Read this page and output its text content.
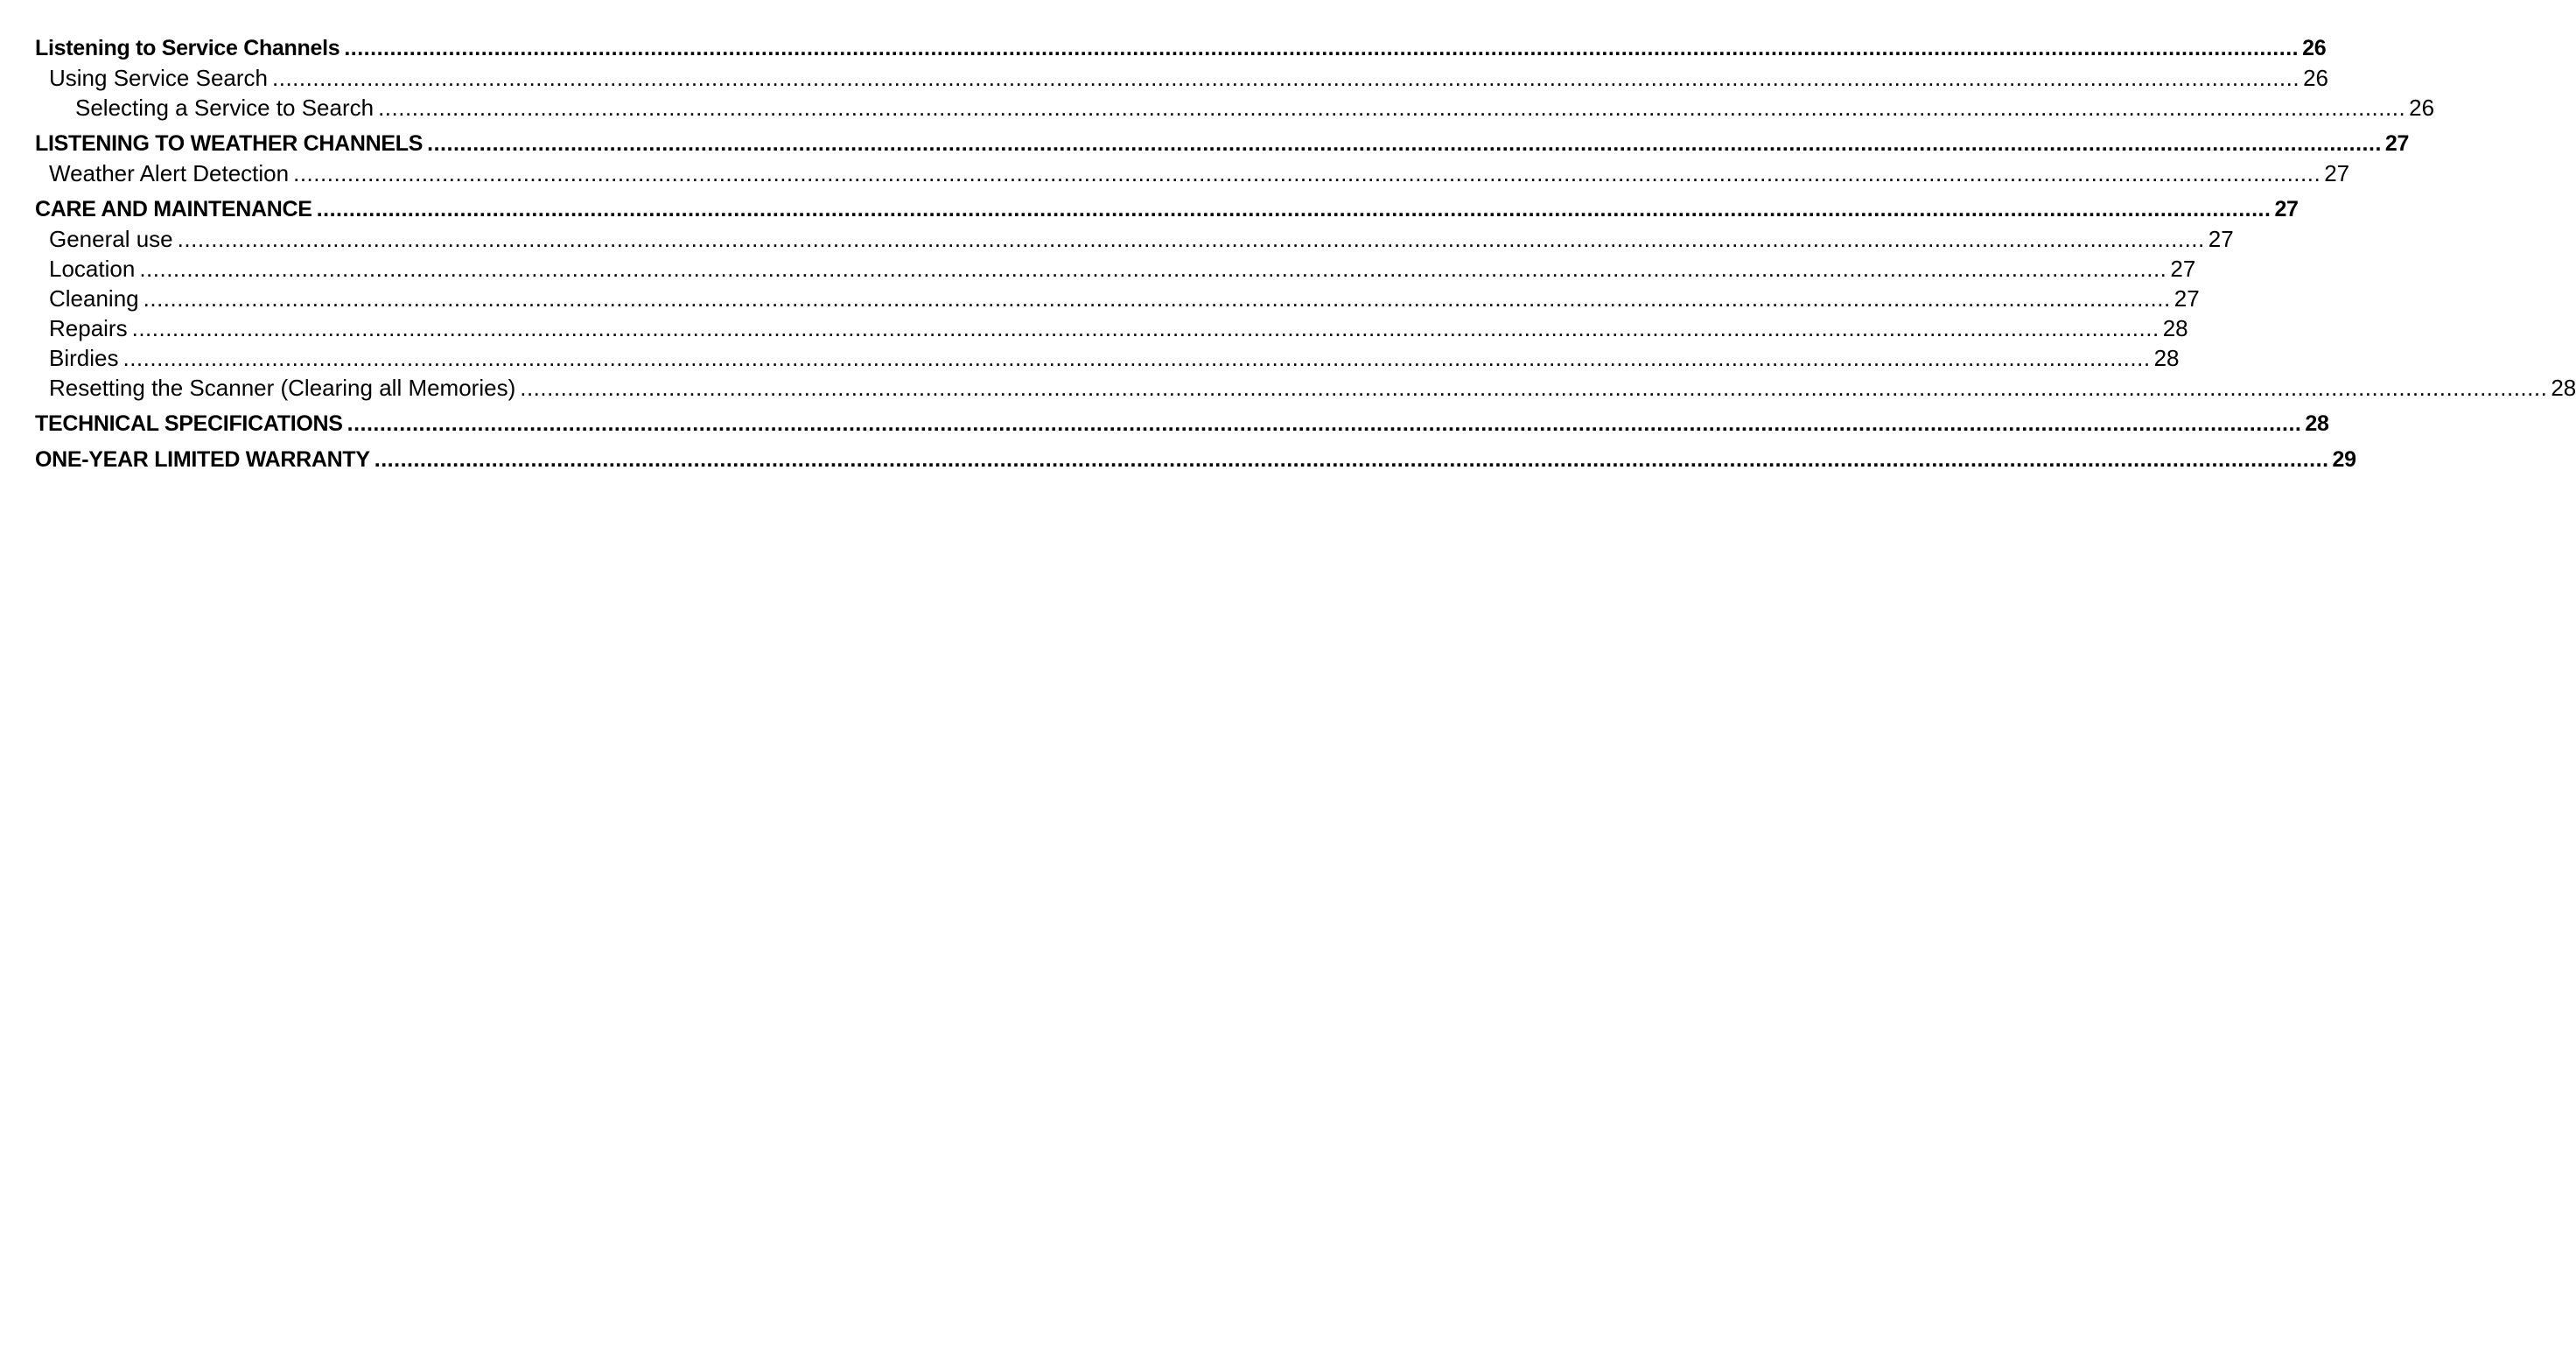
Listening to Service Channels ............................................................................................................................................................................................................................................................................................................ 26
Using Service Search ............................................................................................................................................................................................................................................................................................................ 26
Selecting a Service to Search ............................................................................................................................................................................................................................................................................................................ 26
LISTENING TO WEATHER CHANNELS ............................................................................................................................................................................................................................................................................................................ 27
Weather Alert Detection ............................................................................................................................................................................................................................................................................................................ 27
CARE AND MAINTENANCE ............................................................................................................................................................................................................................................................................................................ 27
General use ............................................................................................................................................................................................................................................................................................................ 27
Location ............................................................................................................................................................................................................................................................................................................ 27
Cleaning ............................................................................................................................................................................................................................................................................................................ 27
Repairs ............................................................................................................................................................................................................................................................................................................ 28
Birdies ............................................................................................................................................................................................................................................................................................................ 28
Resetting the Scanner (Clearing all Memories) ............................................................................................................................................................................................................................................................................................................ 28
TECHNICAL SPECIFICATIONS ............................................................................................................................................................................................................................................................................................................ 28
ONE-YEAR LIMITED WARRANTY ............................................................................................................................................................................................................................................................................................................ 29
